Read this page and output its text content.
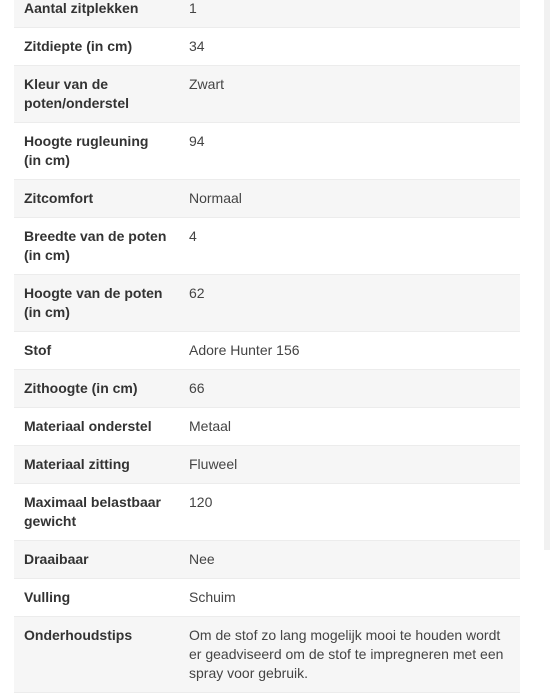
Aantal zitplekken	1
Zitdiepte (in cm)	34
Kleur van de poten/onderstel	Zwart
Hoogte rugleuning (in cm)	94
Zitcomfort	Normaal
Breedte van de poten (in cm)	4
Hoogte van de poten (in cm)	62
Stof	Adore Hunter 156
Zithoogte (in cm)	66
Materiaal onderstel	Metaal
Materiaal zitting	Fluweel
Maximaal belastbaar gewicht	120
Draaibaar	Nee
Vulling	Schuim
Onderhoudstips	Om de stof zo lang mogelijk mooi te houden wordt er geadviseerd om de stof te impregneren met een spray voor gebruik.
